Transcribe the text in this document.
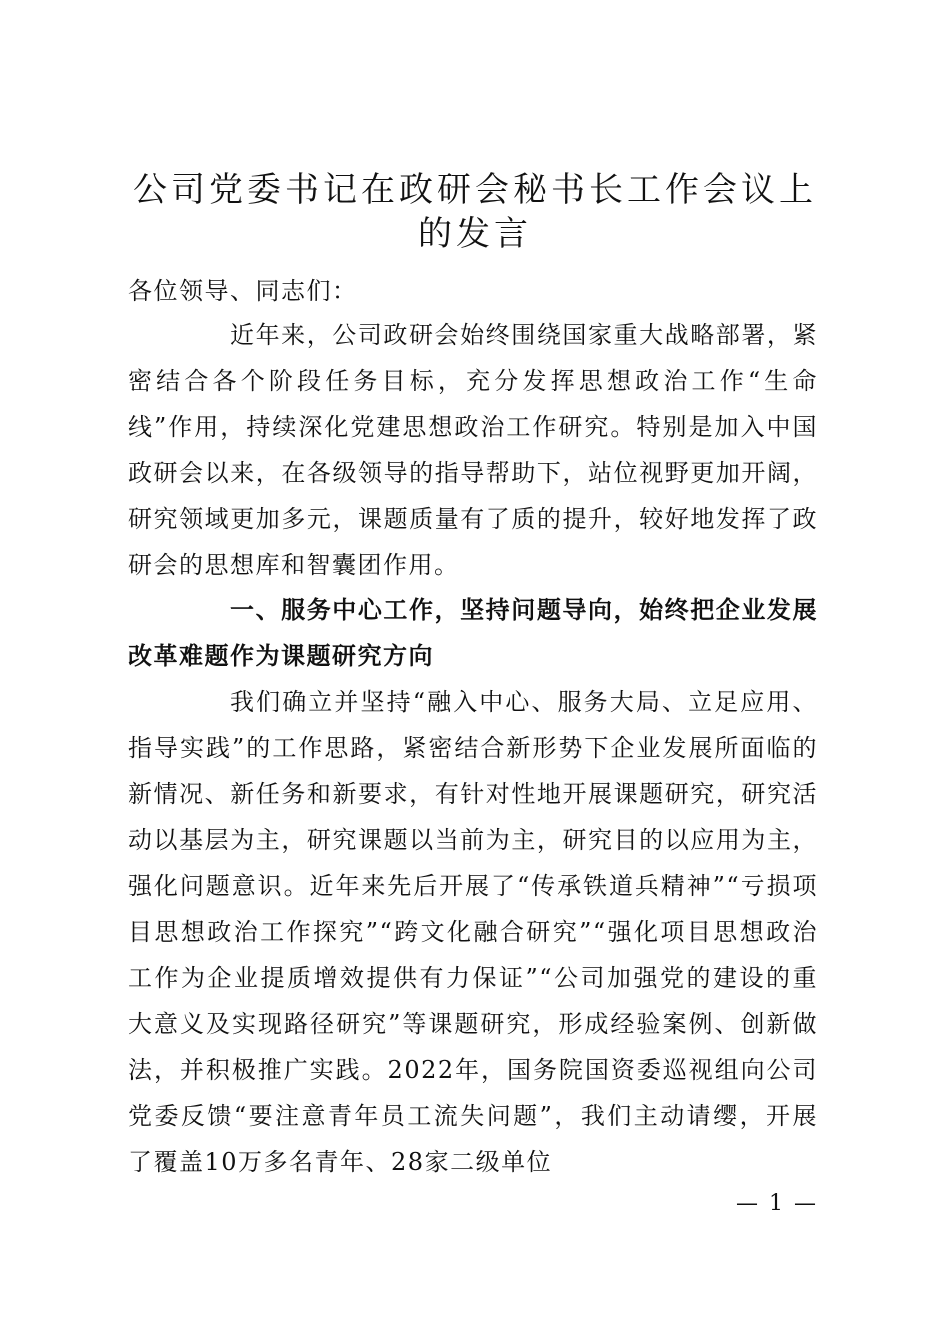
公司党委书记在政研会秘书长工作会议上的发言

各位领导、同志们：

近年来，公司政研会始终围绕国家重大战略部署，紧密结合各个阶段任务目标，充分发挥思想政治工作“生命线”作用，持续深化党建思想政治工作研究。特别是加入中国政研会以来，在各级领导的指导帮助下，站位视野更加开阔，研究领域更加多元，课题质量有了质的提升，较好地发挥了政研会的思想库和智囊团作用。

一、服务中心工作，坚持问题导向，始终把企业发展改革难题作为课题研究方向

我们确立并坚持“融入中心、服务大局、立足应用、指导实践”的工作思路，紧密结合新形势下企业发展所面临的新情况、新任务和新要求，有针对性地开展课题研究，研究活动以基层为主，研究课题以当前为主，研究目的以应用为主，强化问题意识。近年来先后开展了“传承铁道兵精神”“亏损项目思想政治工作探究”“跨文化融合研究”“强化项目思想政治工作为企业提质增效提供有力保证”“公司加强党的建设的重大意义及实现路径研究”等课题研究，形成经验案例、创新做法，并积极推广实践。2022年，国务院国资委巡视组向公司党委反馈“要注意青年员工流失问题”，我们主动请缨，开展了覆盖10万多名青年、28家二级单位

— 1 —
